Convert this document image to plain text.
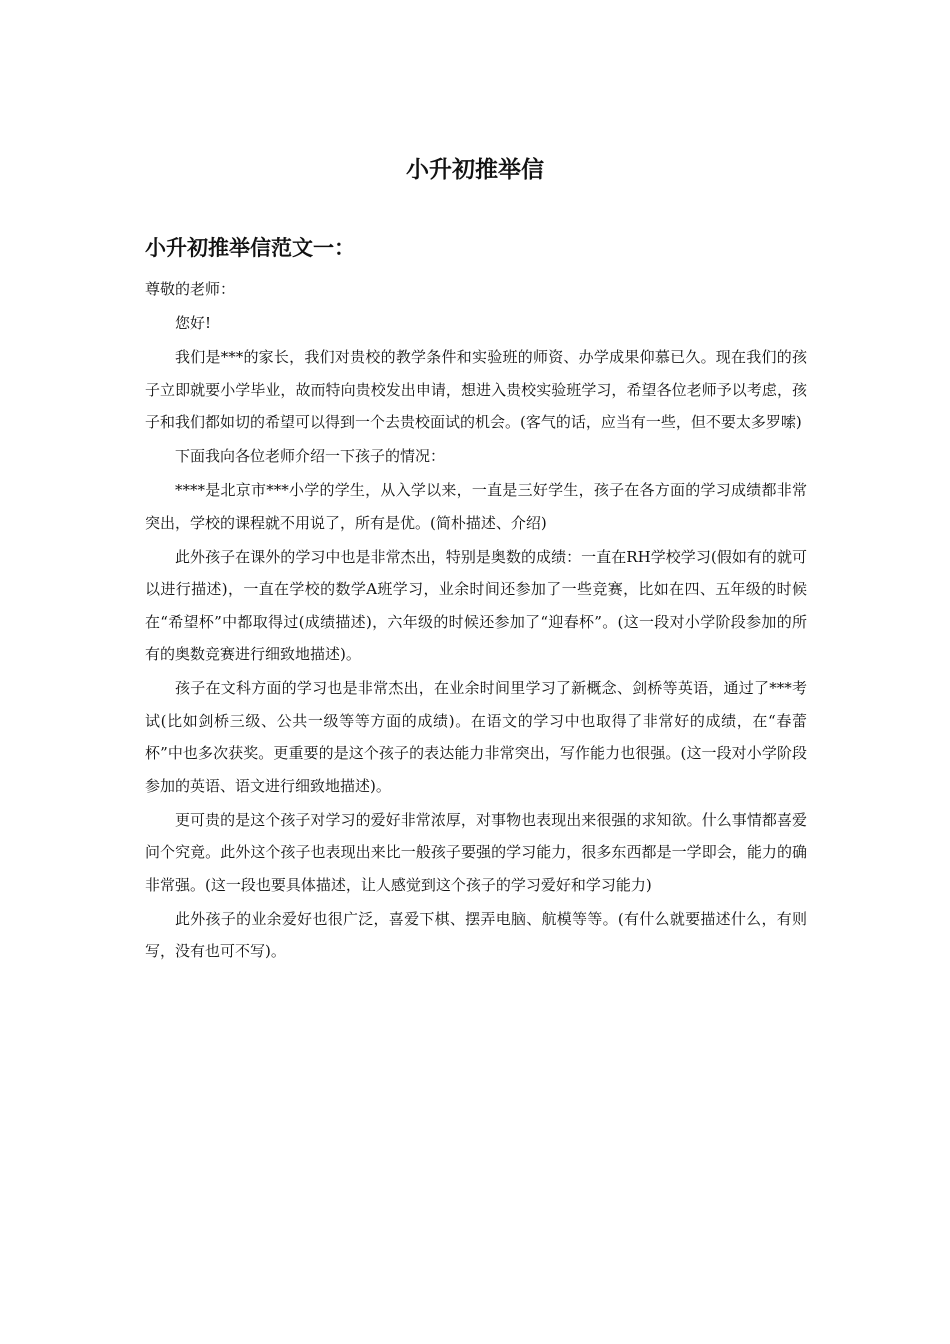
小升初推举信
小升初推举信范文一：

尊敬的老师：

您好!

我们是***的家长，我们对贵校的教学条件和实验班的师资、办学成果仰慕已久。现在我们的孩子立即就要小学毕业，故而特向贵校发出申请，想进入贵校实验班学习，希望各位老师予以考虑，孩子和我们都如切的希望可以得到一个去贵校面试的机会。(客气的话，应当有一些，但不要太多罗嗦)

下面我向各位老师介绍一下孩子的情况：

****是北京市***小学的学生，从入学以来，一直是三好学生，孩子在各方面的学习成绩都非常突出，学校的课程就不用说了，所有是优。(简朴描述、介绍)

此外孩子在课外的学习中也是非常杰出，特别是奥数的成绩：一直在RH学校学习(假如有的就可以进行描述)，一直在学校的数学A班学习，业余时间还参加了一些竞赛，比如在四、五年级的时候在“希望杯”中都取得过(成绩描述)，六年级的时候还参加了“迎春杯”。(这一段对小学阶段参加的所有的奥数竞赛进行细致地描述)。

孩子在文科方面的学习也是非常杰出，在业余时间里学习了新概念、剑桥等英语，通过了***考试(比如剑桥三级、公共一级等等方面的成绩)。在语文的学习中也取得了非常好的成绩，在“春蕾杯”中也多次获奖。更重要的是这个孩子的表达能力非常突出，写作能力也很强。(这一段对小学阶段参加的英语、语文进行细致地描述)。

更可贵的是这个孩子对学习的爱好非常浓厚，对事物也表现出来很强的求知欲。什么事情都喜爱问个究竟。此外这个孩子也表现出来比一般孩子要强的学习能力，很多东西都是一学即会，能力的确非常强。(这一段也要具体描述，让人感觉到这个孩子的学习爱好和学习能力)

此外孩子的业余爱好也很广泛，喜爱下棋、摆弄电脑、航模等等。(有什么就要描述什么，有则写，没有也可不写)。
